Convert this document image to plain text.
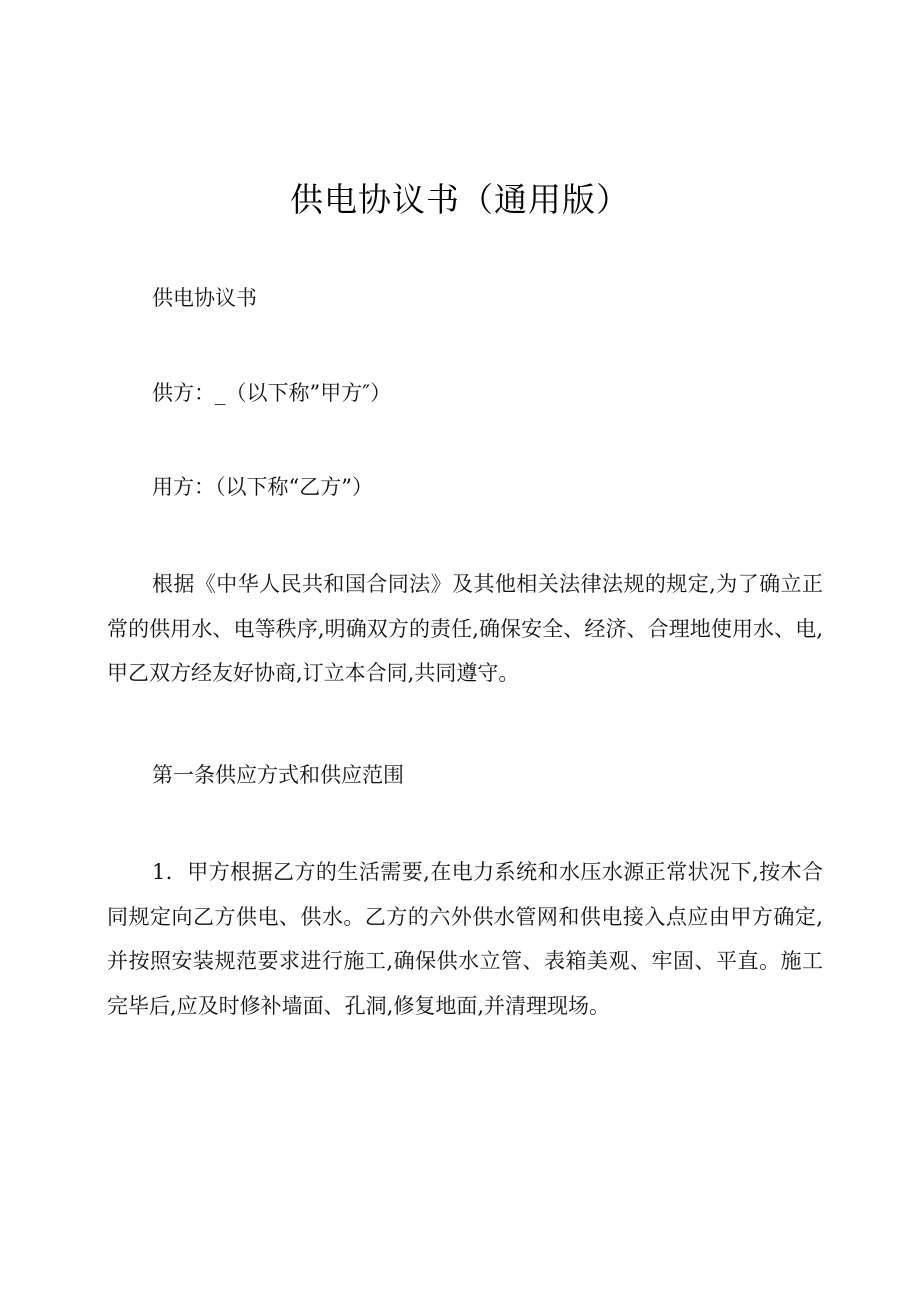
供电协议书（通用版）
供电协议书
供方：_（以下称”甲方″）
用方：（以下称“乙方”）
根据《中华人民共和国合同法》及其他相关法律法规的规定,为了确立正常的供用水、电等秩序,明确双方的责任,确保安全、经济、合理地使用水、电,甲乙双方经友好协商,订立本合同,共同遵守。
第一条供应方式和供应范围
1．甲方根据乙方的生活需要,在电力系统和水压水源正常状况下,按木合同规定向乙方供电、供水。乙方的六外供水管网和供电接入点应由甲方确定,并按照安装规范要求进行施工,确保供水立管、表箱美观、牢固、平直。施工完毕后,应及时修补墙面、孔洞,修复地面,并清理现场。
